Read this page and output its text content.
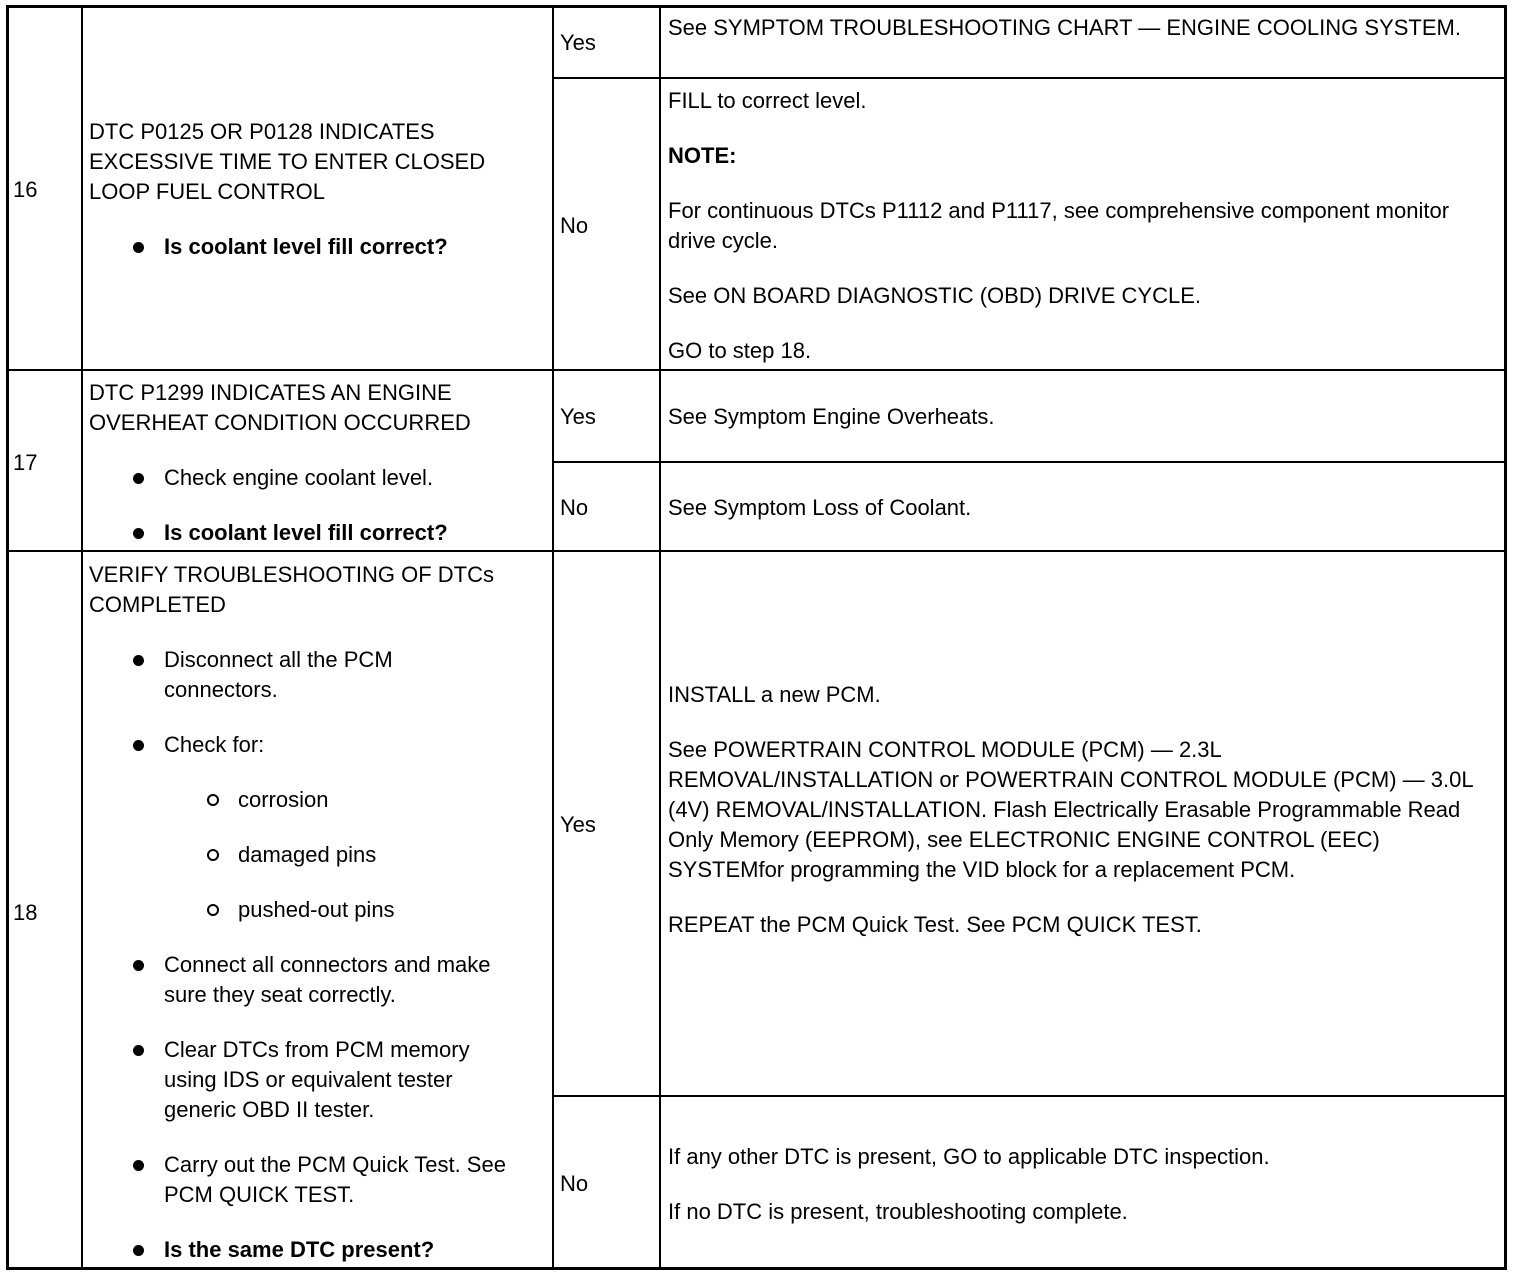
16

DTC P0125 OR P0128 INDICATES EXCESSIVE TIME TO ENTER CLOSED LOOP FUEL CONTROL

Is coolant level fill correct?

Yes

See SYMPTOM TROUBLESHOOTING CHART — ENGINE COOLING SYSTEM.

No

FILL to correct level.

NOTE:

For continuous DTCs P1112 and P1117, see comprehensive component monitor drive cycle.

See ON BOARD DIAGNOSTIC (OBD) DRIVE CYCLE.

GO to step 18.

17

DTC P1299 INDICATES AN ENGINE OVERHEAT CONDITION OCCURRED

Check engine coolant level.

Is coolant level fill correct?

Yes	See Symptom Engine Overheats.

No	See Symptom Loss of Coolant.

18

VERIFY TROUBLESHOOTING OF DTCs COMPLETED

Disconnect all the PCM connectors.

Check for:

corrosion

damaged pins

pushed-out pins

Connect all connectors and make sure they seat correctly.

Clear DTCs from PCM memory using IDS or equivalent tester generic OBD II tester.

Carry out the PCM Quick Test. See PCM QUICK TEST.

Is the same DTC present?

Yes

INSTALL a new PCM.

See POWERTRAIN CONTROL MODULE (PCM) — 2.3L REMOVAL/INSTALLATION or POWERTRAIN CONTROL MODULE (PCM) — 3.0L (4V) REMOVAL/INSTALLATION. Flash Electrically Erasable Programmable Read Only Memory (EEPROM), see ELECTRONIC ENGINE CONTROL (EEC) SYSTEMfor programming the VID block for a replacement PCM.

REPEAT the PCM Quick Test. See PCM QUICK TEST.

No

If any other DTC is present, GO to applicable DTC inspection.

If no DTC is present, troubleshooting complete.
